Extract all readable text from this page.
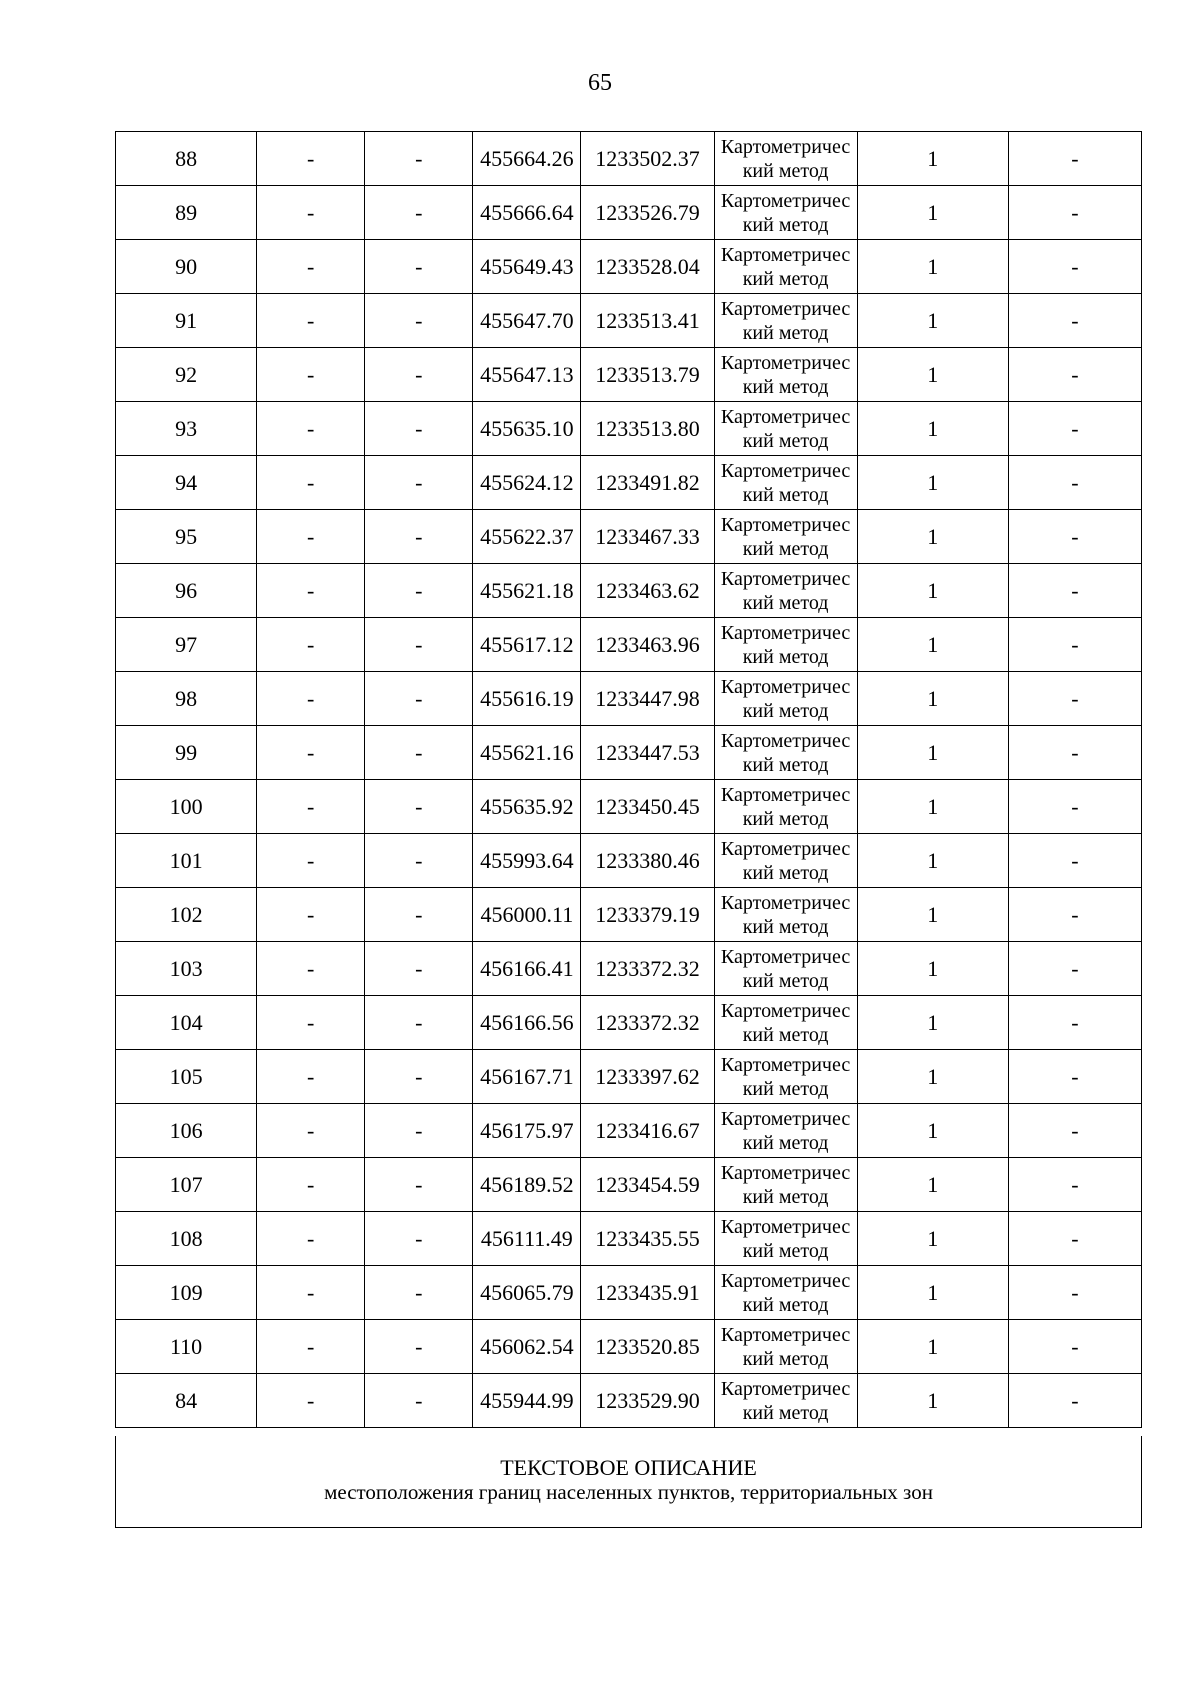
65
88	-	-	455664.26	1233502.37	Картометрический метод	1	-
89	-	-	455666.64	1233526.79	Картометрический метод	1	-
90	-	-	455649.43	1233528.04	Картометрический метод	1	-
91	-	-	455647.70	1233513.41	Картометрический метод	1	-
92	-	-	455647.13	1233513.79	Картометрический метод	1	-
93	-	-	455635.10	1233513.80	Картометрический метод	1	-
94	-	-	455624.12	1233491.82	Картометрический метод	1	-
95	-	-	455622.37	1233467.33	Картометрический метод	1	-
96	-	-	455621.18	1233463.62	Картометрический метод	1	-
97	-	-	455617.12	1233463.96	Картометрический метод	1	-
98	-	-	455616.19	1233447.98	Картометрический метод	1	-
99	-	-	455621.16	1233447.53	Картометрический метод	1	-
100	-	-	455635.92	1233450.45	Картометрический метод	1	-
101	-	-	455993.64	1233380.46	Картометрический метод	1	-
102	-	-	456000.11	1233379.19	Картометрический метод	1	-
103	-	-	456166.41	1233372.32	Картометрический метод	1	-
104	-	-	456166.56	1233372.32	Картометрический метод	1	-
105	-	-	456167.71	1233397.62	Картометрический метод	1	-
106	-	-	456175.97	1233416.67	Картометрический метод	1	-
107	-	-	456189.52	1233454.59	Картометрический метод	1	-
108	-	-	456111.49	1233435.55	Картометрический метод	1	-
109	-	-	456065.79	1233435.91	Картометрический метод	1	-
110	-	-	456062.54	1233520.85	Картометрический метод	1	-
84	-	-	455944.99	1233529.90	Картометрический метод	1	-
ТЕКСТОВОЕ ОПИСАНИЕ
местоположения границ населенных пунктов, территориальных зон
